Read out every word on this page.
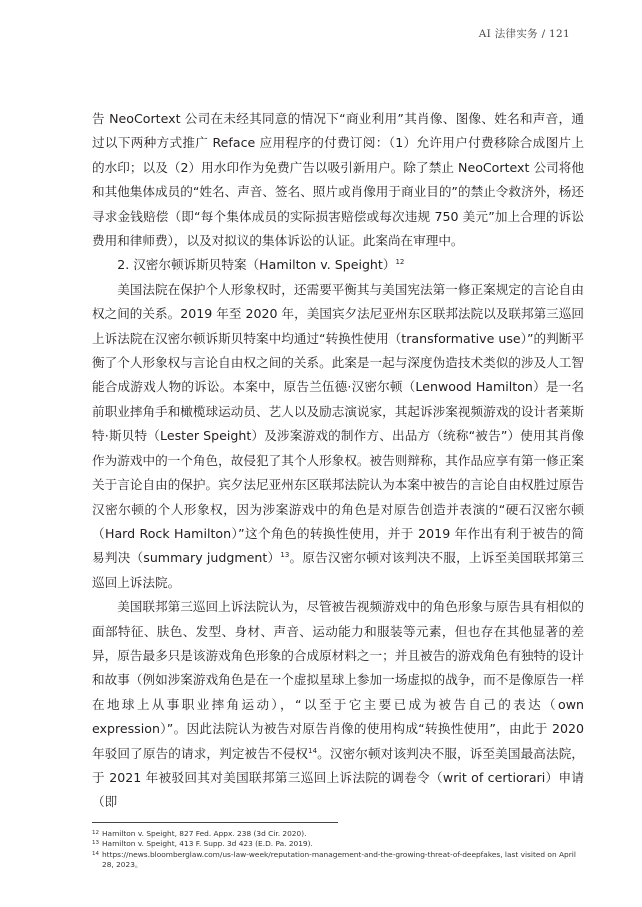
AI 法律实务 / 121

告 NeoCortext 公司在未经其同意的情况下“商业利用”其肖像、图像、姓名和声音，通过以下两种方式推广 Reface 应用程序的付费订阅：（1）允许用户付费移除合成图片上的水印；以及（2）用水印作为免费广告以吸引新用户。除了禁止 NeoCortext 公司将他和其他集体成员的“姓名、声音、签名、照片或肖像用于商业目的”的禁止令救济外，杨还寻求金钱赔偿（即“每个集体成员的实际损害赔偿或每次违规 750 美元”加上合理的诉讼费用和律师费），以及对拟议的集体诉讼的认证。此案尚在审理中。

2. 汉密尔顿诉斯贝特案（Hamilton v. Speight）$^{12}$

美国法院在保护个人形象权时，还需要平衡其与美国宪法第一修正案规定的言论自由权之间的关系。2019 年至 2020 年，美国宾夕法尼亚州东区联邦法院以及联邦第三巡回上诉法院在汉密尔顿诉斯贝特案中均通过“转换性使用（transformative use）”的判断平衡了个人形象权与言论自由权之间的关系。此案是一起与深度伪造技术类似的涉及人工智能合成游戏人物的诉讼。本案中，原告兰伍德·汉密尔顿（Lenwood Hamilton）是一名前职业摔角手和橄榄球运动员、艺人以及励志演说家，其起诉涉案视频游戏的设计者莱斯特·斯贝特（Lester Speight）及涉案游戏的制作方、出品方（统称“被告”）使用其肖像作为游戏中的一个角色，故侵犯了其个人形象权。被告则辩称，其作品应享有第一修正案关于言论自由的保护。宾夕法尼亚州东区联邦法院认为本案中被告的言论自由权胜过原告汉密尔顿的个人形象权，因为涉案游戏中的角色是对原告创造并表演的“硬石汉密尔顿（Hard Rock Hamilton）”这个角色的转换性使用，并于 2019 年作出有利于被告的简易判决（summary judgment）$^{13}$。原告汉密尔顿对该判决不服，上诉至美国联邦第三巡回上诉法院。

美国联邦第三巡回上诉法院认为，尽管被告视频游戏中的角色形象与原告具有相似的面部特征、肤色、发型、身材、声音、运动能力和服装等元素，但也存在其他显著的差异，原告最多只是该游戏角色形象的合成原材料之一；并且被告的游戏角色有独特的设计和故事（例如涉案游戏角色是在一个虚拟星球上参加一场虚拟的战争，而不是像原告一样在地球上从事职业摔角运动），“以至于它主要已成为被告自己的表达（own expression）”。因此法院认为被告对原告肖像的使用构成“转换性使用”，由此于 2020 年驳回了原告的请求，判定被告不侵权$^{14}$。汉密尔顿对该判决不服，诉至美国最高法院，于 2021 年被驳回其对美国联邦第三巡回上诉法院的调卷令（writ of certiorari）申请（即

12 Hamilton v. Speight, 827 Fed. Appx. 238 (3d Cir. 2020).
13 Hamilton v. Speight, 413 F. Supp. 3d 423 (E.D. Pa. 2019).
14 https://news.bloomberglaw.com/us-law-week/reputation-management-and-the-growing-threat-of-deepfakes, last visited on April 28, 2023。
